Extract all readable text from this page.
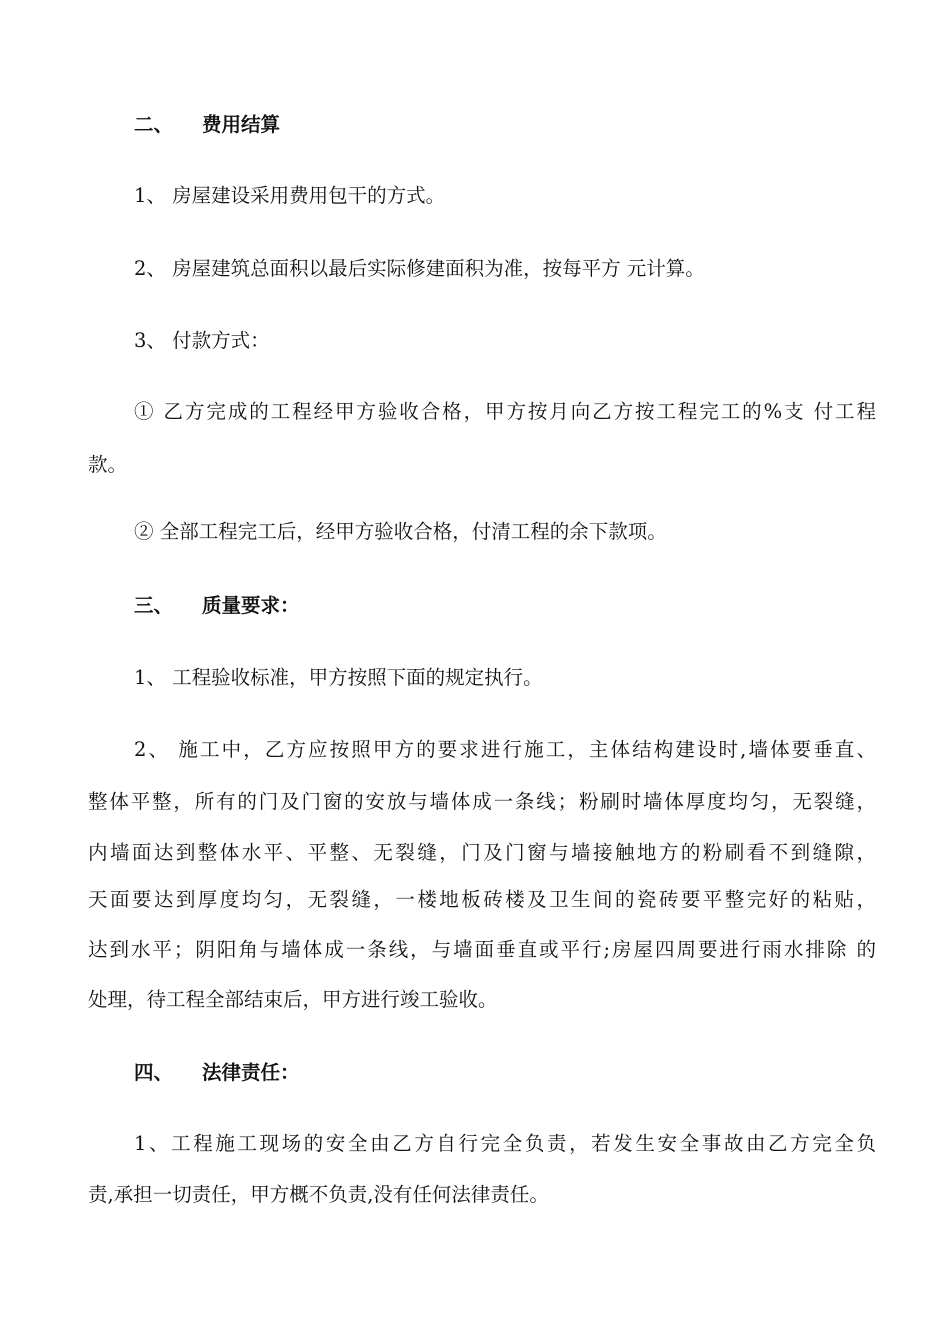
二、 费用结算
1、 房屋建设采用费用包干的方式。
2、 房屋建筑总面积以最后实际修建面积为准，按每平方 元计算。
3、 付款方式：
① 乙方完成的工程经甲方验收合格，甲方按月向乙方按工程完工的%支 付工程
款。
② 全部工程完工后，经甲方验收合格，付清工程的余下款项。
三、 质量要求：
1、 工程验收标准，甲方按照下面的规定执行。
2、 施工中，乙方应按照甲方的要求进行施工，主体结构建设时,墙体要垂直、
整体平整，所有的门及门窗的安放与墙体成一条线；粉刷时墙体厚度均匀，无裂缝，
内墙面达到整体水平、平整、无裂缝，门及门窗与墙接触地方的粉刷看不到缝隙，
天面要达到厚度均匀，无裂缝，一楼地板砖楼及卫生间的瓷砖要平整完好的粘贴，
达到水平；阴阳角与墙体成一条线，与墙面垂直或平行;房屋四周要进行雨水排除 的
处理，待工程全部结束后，甲方进行竣工验收。
四、 法律责任：
1、工程施工现场的安全由乙方自行完全负责，若发生安全事故由乙方完全负
责,承担一切责任，甲方概不负责,没有任何法律责任。
